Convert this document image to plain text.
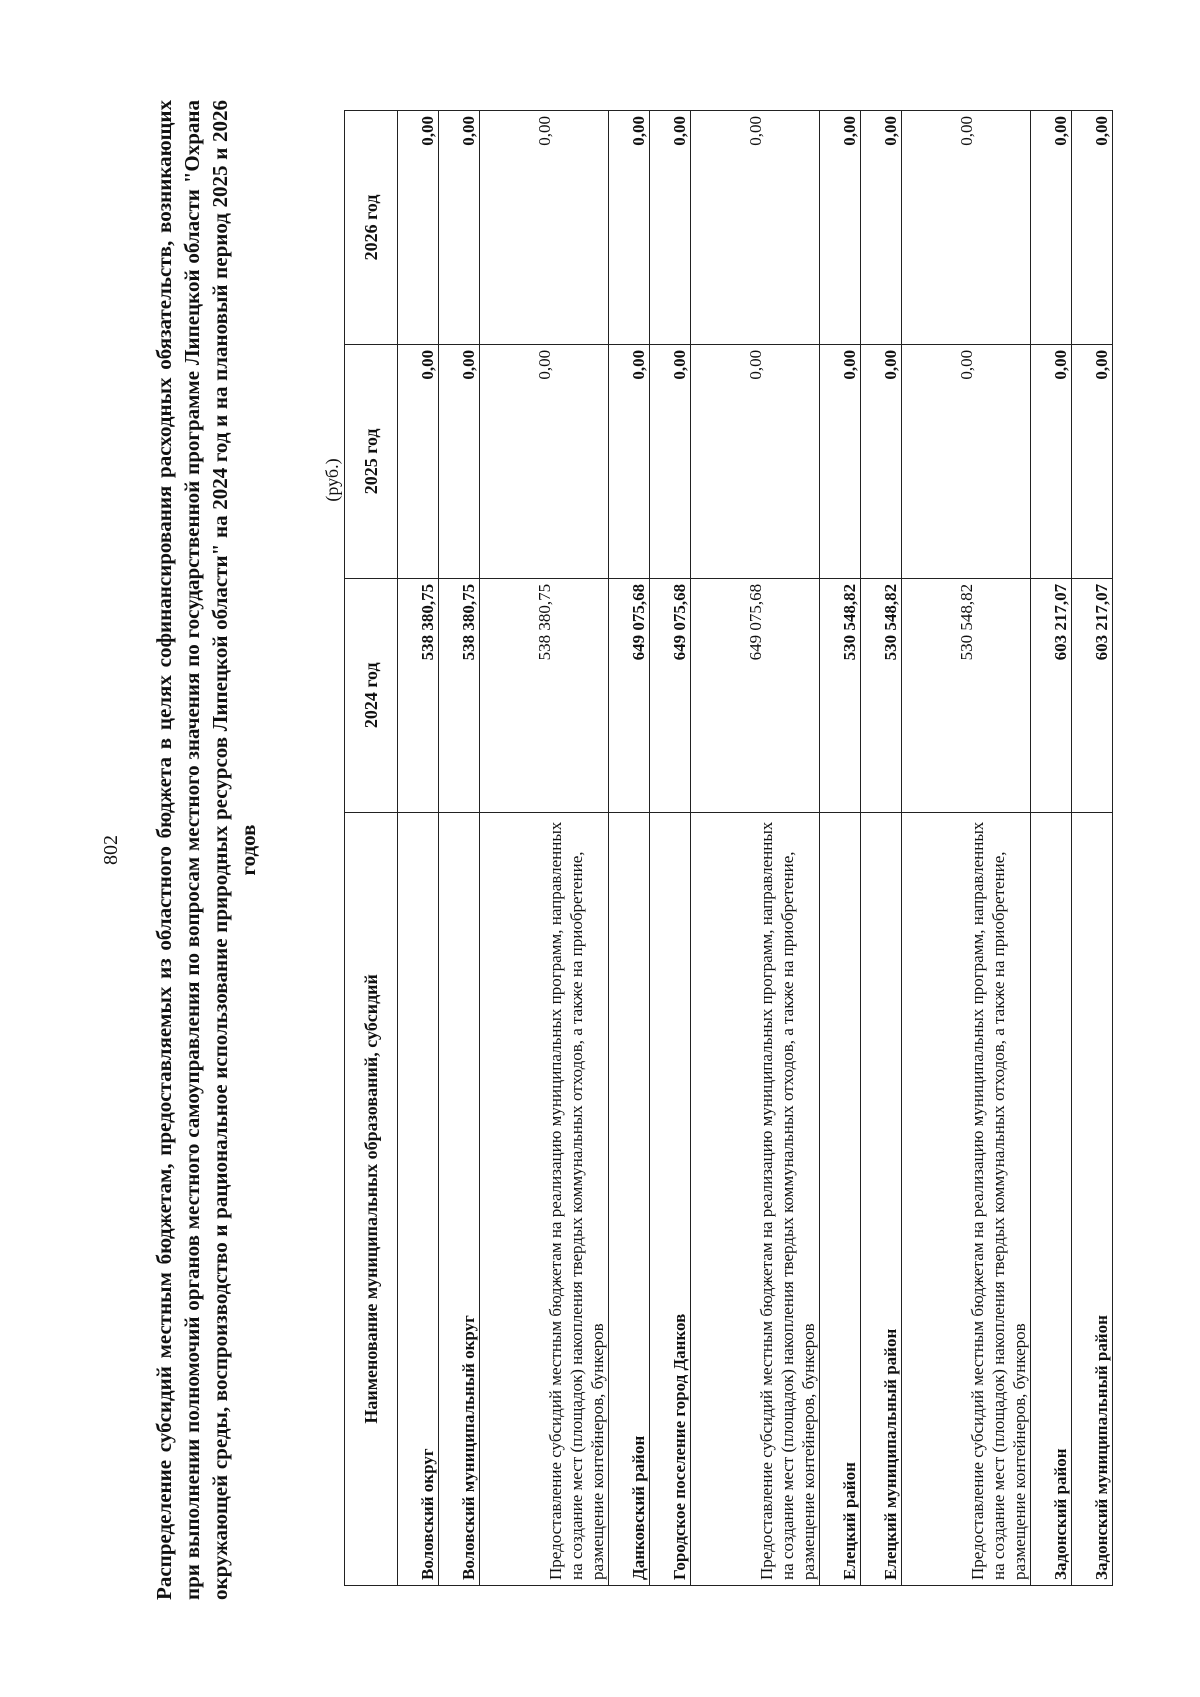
802 Распределение субсидий местным бюджетам, предоставляемых из областного бюджета в целях софинансирования расходных обязательств, возникающих при выполнении полномочий органов местного самоуправления по вопросам местного значения по государственной программе Липецкой области "Охрана окружающей среды, воспроизводство и рациональное использование природных ресурсов Липецкой области" на 2024 год и на плановый период 2025 и 2026 годов
(руб.)
Наименование муниципальных образований, субсидий	2024 год	2025 год	2026 год
Воловский округ	538 380,75	0,00	0,00
Воловский муниципальный округ	538 380,75	0,00	0,00
Предоставление субсидий местным бюджетам на реализацию муниципальных программ, направленных на создание мест (площадок) накопления твердых коммунальных отходов, а также на приобретение, размещение контейнеров, бункеров	538 380,75	0,00	0,00
Данковский район	649 075,68	0,00	0,00
Городское поселение город Данков	649 075,68	0,00	0,00
Предоставление субсидий местным бюджетам на реализацию муниципальных программ, направленных на создание мест (площадок) накопления твердых коммунальных отходов, а также на приобретение, размещение контейнеров, бункеров	649 075,68	0,00	0,00
Елецкий район	530 548,82	0,00	0,00
Елецкий муниципальный район	530 548,82	0,00	0,00
Предоставление субсидий местным бюджетам на реализацию муниципальных программ, направленных на создание мест (площадок) накопления твердых коммунальных отходов, а также на приобретение, размещение контейнеров, бункеров	530 548,82	0,00	0,00
Задонский район	603 217,07	0,00	0,00
Задонский муниципальный район	603 217,07	0,00	0,00
